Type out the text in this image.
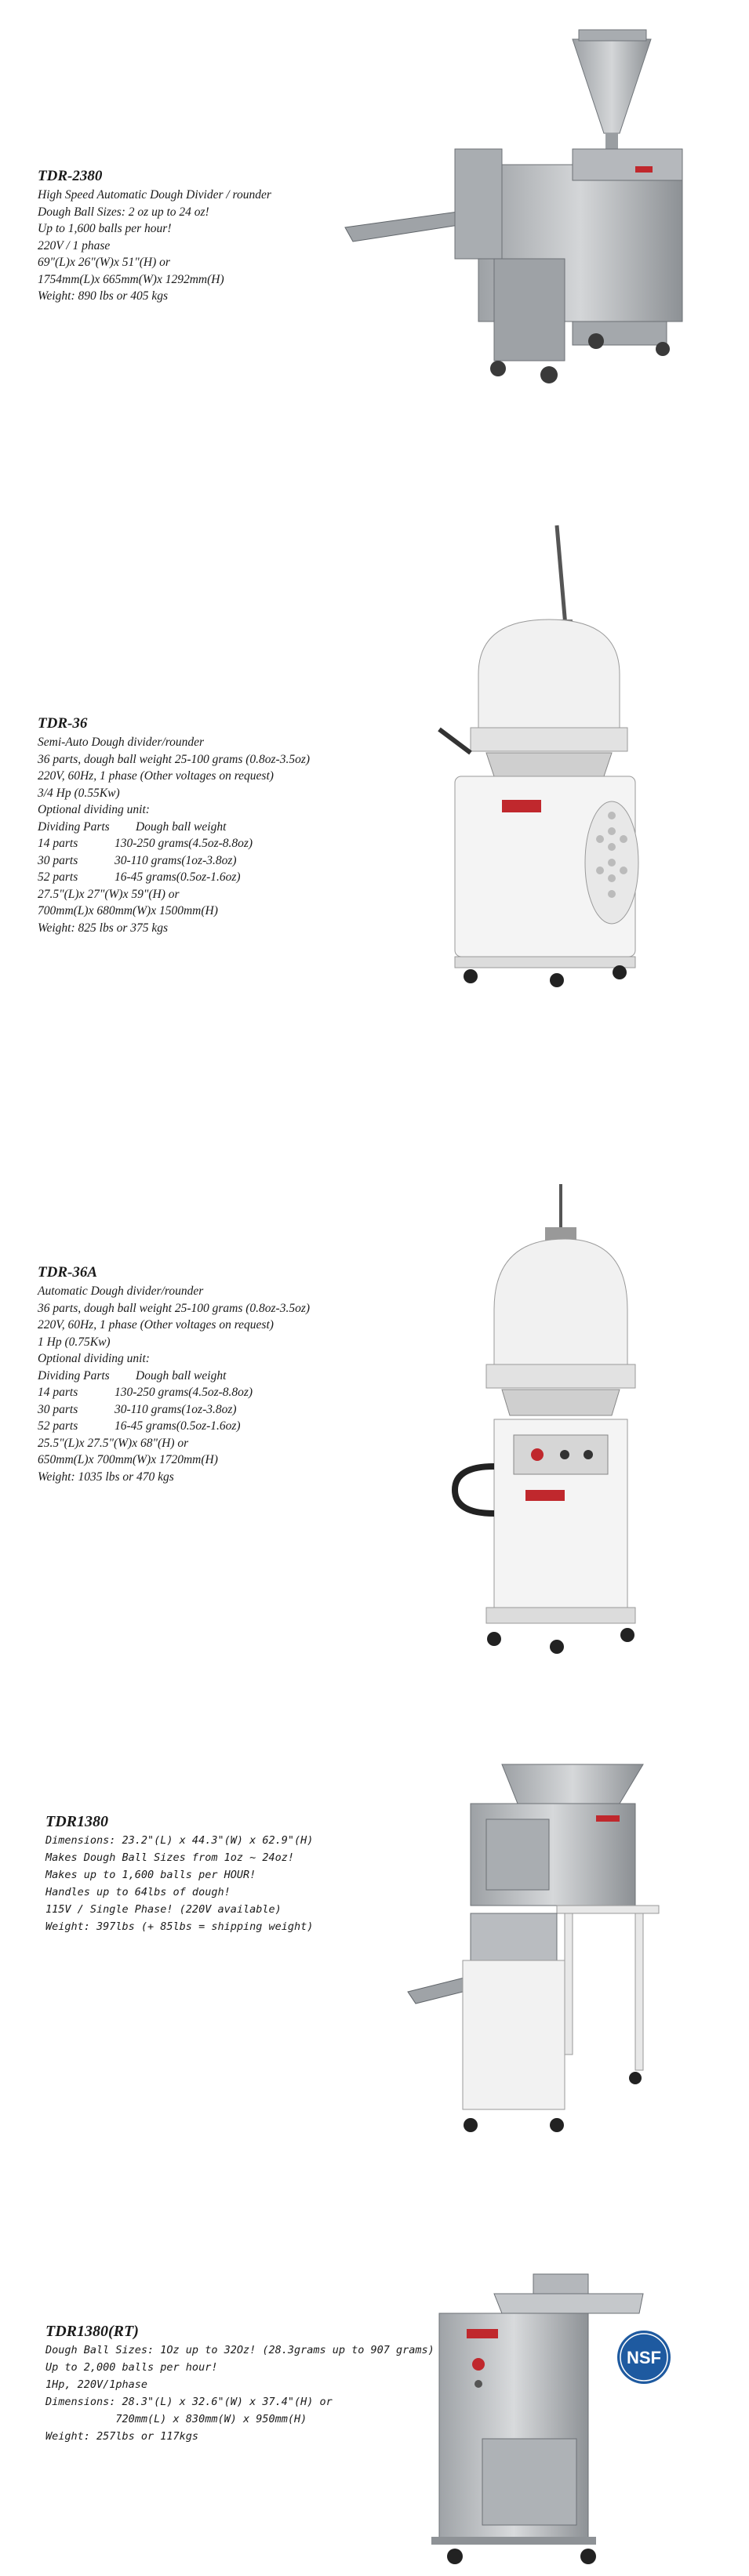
TDR-2380
High Speed Automatic Dough Divider / rounder
Dough Ball Sizes: 2 oz up to 24 oz!
Up to 1,600 balls per hour!
220V / 1 phase
69"(L)x 26"(W)x 51"(H) or
1754mm(L)x 665mm(W)x 1292mm(H)
Weight: 890 lbs or 405 kgs
TDR-36
Semi-Auto Dough divider/rounder
36 parts, dough ball weight 25-100 grams (0.8oz-3.5oz)
220V, 60Hz, 1 phase (Other voltages on request)
3/4 Hp (0.55Kw)
Optional dividing unit:
Dividing Parts Dough ball weight
14 parts	130-250 grams(4.5oz-8.8oz)
30 parts	30-110 grams(1oz-3.8oz)
52 parts	16-45 grams(0.5oz-1.6oz)
27.5"(L)x 27"(W)x 59"(H) or
700mm(L)x 680mm(W)x 1500mm(H)
Weight: 825 lbs or 375 kgs
TDR-36A
Automatic Dough divider/rounder
36 parts, dough ball weight 25-100 grams (0.8oz-3.5oz)
220V, 60Hz, 1 phase (Other voltages on request)
1 Hp (0.75Kw)
Optional dividing unit:
Dividing Parts Dough ball weight
14 parts	130-250 grams(4.5oz-8.8oz)
30 parts	30-110 grams(1oz-3.8oz)
52 parts	16-45 grams(0.5oz-1.6oz)
25.5"(L)x 27.5"(W)x 68"(H) or
650mm(L)x 700mm(W)x 1720mm(H)
Weight: 1035 lbs or 470 kgs
TDR1380
Dimensions: 23.2"(L) x 44.3"(W) x 62.9"(H)
Makes Dough Ball Sizes from 1oz ~ 24oz!
Makes up to 1,600 balls per HOUR!
Handles up to 64lbs of dough!
115V / Single Phase! (220V available)
Weight: 397lbs (+ 85lbs = shipping weight)
TDR1380(RT)
Dough Ball Sizes: 1Oz up to 32Oz! (28.3grams up to 907 grams)
Up to 2,000 balls per hour!
1Hp, 220V/1phase
Dimensions: 28.3"(L) x 32.6"(W) x 37.4"(H) or
720mm(L) x 830mm(W) x 950mm(H)
Weight: 257lbs or 117kgs
NSF
